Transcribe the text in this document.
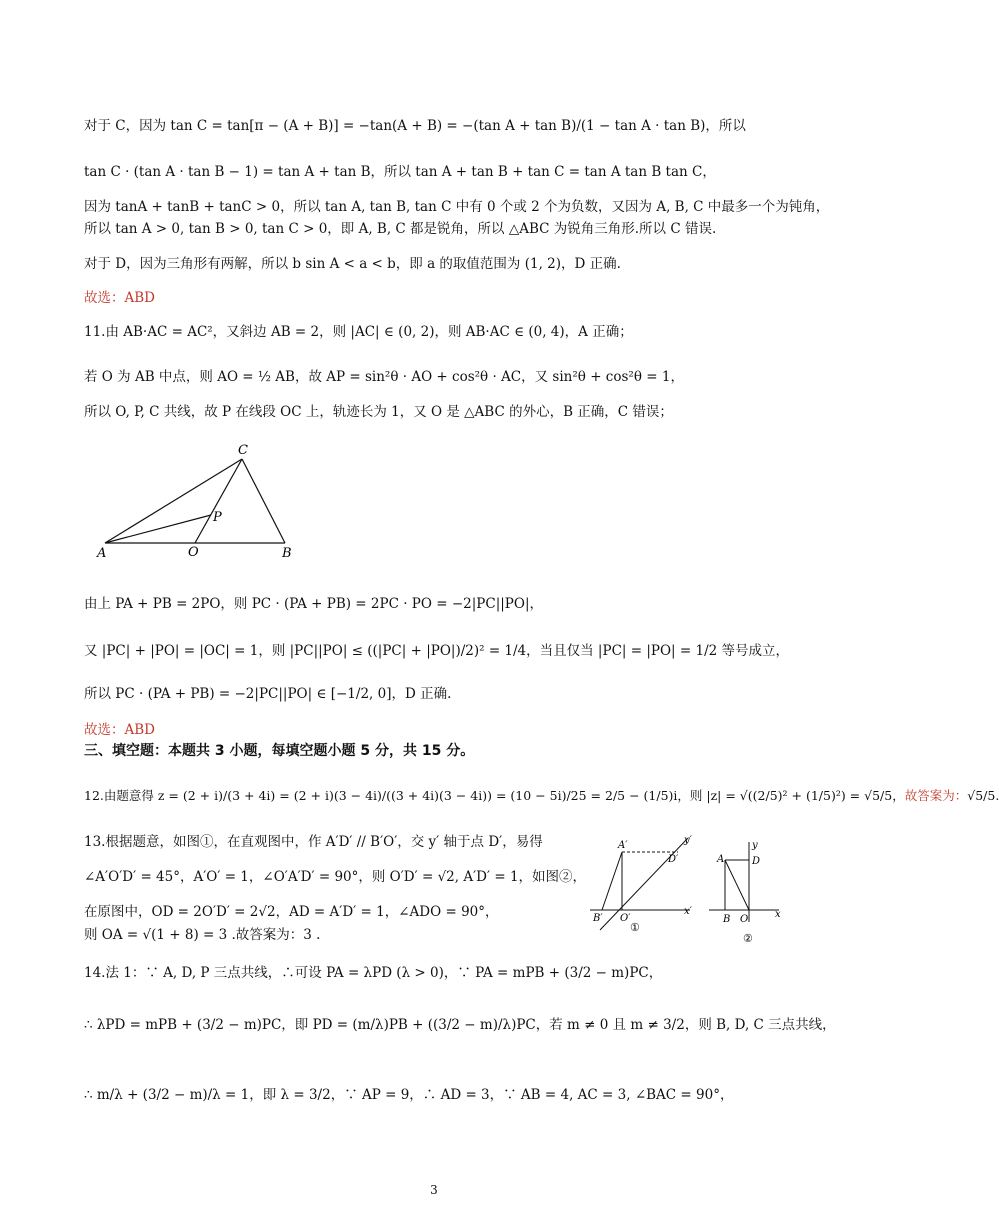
对于 C，因为 tan C = tan[π − (A + B)] = −tan(A + B) = −(tan A + tan B)/(1 − tan A · tan B)，所以
tan C · (tan A · tan B − 1) = tan A + tan B，所以 tan A + tan B + tan C = tan A tan B tan C，
因为 tanA + tanB + tanC > 0，所以 tan A, tan B, tan C 中有 0 个或 2 个为负数，又因为 A, B, C 中最多一个为钝角，
所以 tan A > 0, tan B > 0, tan C > 0，即 A, B, C 都是锐角，所以 △ABC 为锐角三角形.所以 C 错误.
对于 D，因为三角形有两解，所以 b sin A < a < b，即 a 的取值范围为 (1, 2)，D 正确.
故选：ABD
11.由 AB·AC = AC²，又斜边 AB = 2，则 |AC| ∈ (0, 2)，则 AB·AC ∈ (0, 4)，A 正确；
若 O 为 AB 中点，则 AO = ½ AB，故 AP = sin²θ · AO + cos²θ · AC，又 sin²θ + cos²θ = 1，
所以 O, P, C 共线，故 P 在线段 OC 上，轨迹长为 1，又 O 是 △ABC 的外心，B 正确，C 错误；
A	B
C
O
P
由上 PA + PB = 2PO，则 PC · (PA + PB) = 2PC · PO = −2|PC||PO|，
又 |PC| + |PO| = |OC| = 1，则 |PC||PO| ≤ ((|PC| + |PO|)/2)² = 1/4，当且仅当 |PC| = |PO| = 1/2 等号成立，
所以 PC · (PA + PB) = −2|PC||PO| ∈ [−1/2, 0]，D 正确.
故选：ABD
三、填空题：本题共 3 小题，每填空题小题 5 分，共 15 分。
12.由题意得 z = (2 + i)/(3 + 4i) = (2 + i)(3 − 4i)/((3 + 4i)(3 − 4i)) = (10 − 5i)/25 = 2/5 − (1/5)i，则 |z| = √((2/5)² + (1/5)²) = √5/5，故答案为：√5/5.
13.根据题意，如图①，在直观图中，作 A′D′ // B′O′，交 y′ 轴于点 D′，易得
∠A′O′D′ = 45°，A′O′ = 1，∠O′A′D′ = 90°，则 O′D′ = √2, A′D′ = 1，如图②，
在原图中，OD = 2O′D′ = 2√2，AD = A′D′ = 1，∠ADO = 90°，
则 OA = √(1 + 8) = 3 .故答案为：3 .
A′
D′
B′ O′
x′
y′
①
A	D
B O	x
y
②
14.法 1：∵ A, D, P 三点共线，∴可设 PA = λPD (λ > 0)，∵ PA = mPB + (3/2 − m)PC，
∴ λPD = mPB + (3/2 − m)PC，即 PD = (m/λ)PB + ((3/2 − m)/λ)PC，若 m ≠ 0 且 m ≠ 3/2，则 B, D, C 三点共线，
∴ m/λ + (3/2 − m)/λ = 1，即 λ = 3/2，∵ AP = 9，∴ AD = 3，∵ AB = 4, AC = 3, ∠BAC = 90°，
3
